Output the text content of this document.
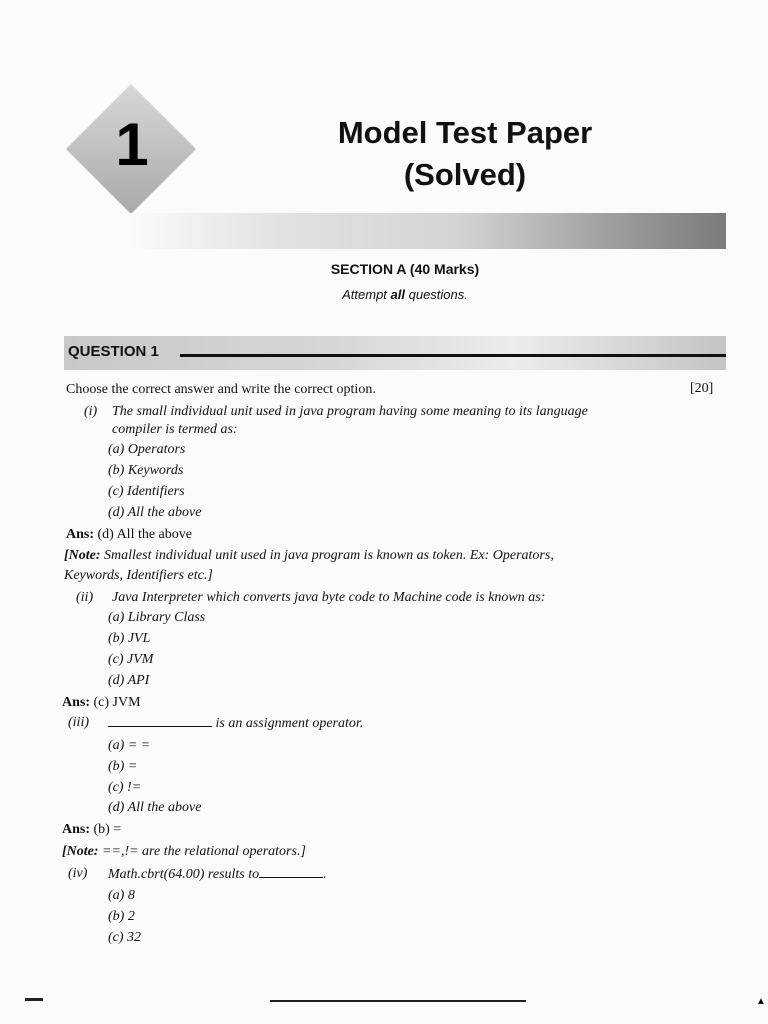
1	Model Test Paper
(Solved)
SECTION A (40 Marks)
Attempt all questions.
QUESTION 1
Choose the correct answer and write the correct option.	[20]
(i) The small individual unit used in java program having some meaning to its language
compiler is termed as:
(a) Operators
(b) Keywords
(c) Identifiers
(d) All the above
Ans: (d) All the above
[Note: Smallest individual unit used in java program is known as token. Ex: Operators,
Keywords, Identifiers etc.]
(ii) Java Interpreter which converts java byte code to Machine code is known as:
(a) Library Class
(b) JVL
(c) JVM
(d) API
Ans: (c) JVM
(iii)	is an assignment operator.
(a) = =
(b) =
(c) !=
(d) All the above
Ans: (b) =
[Note: ==,!= are the relational operators.]
(iv) Math.cbrt(64.00) results to	.
(a) 8
(b) 2
(c) 32
▲
